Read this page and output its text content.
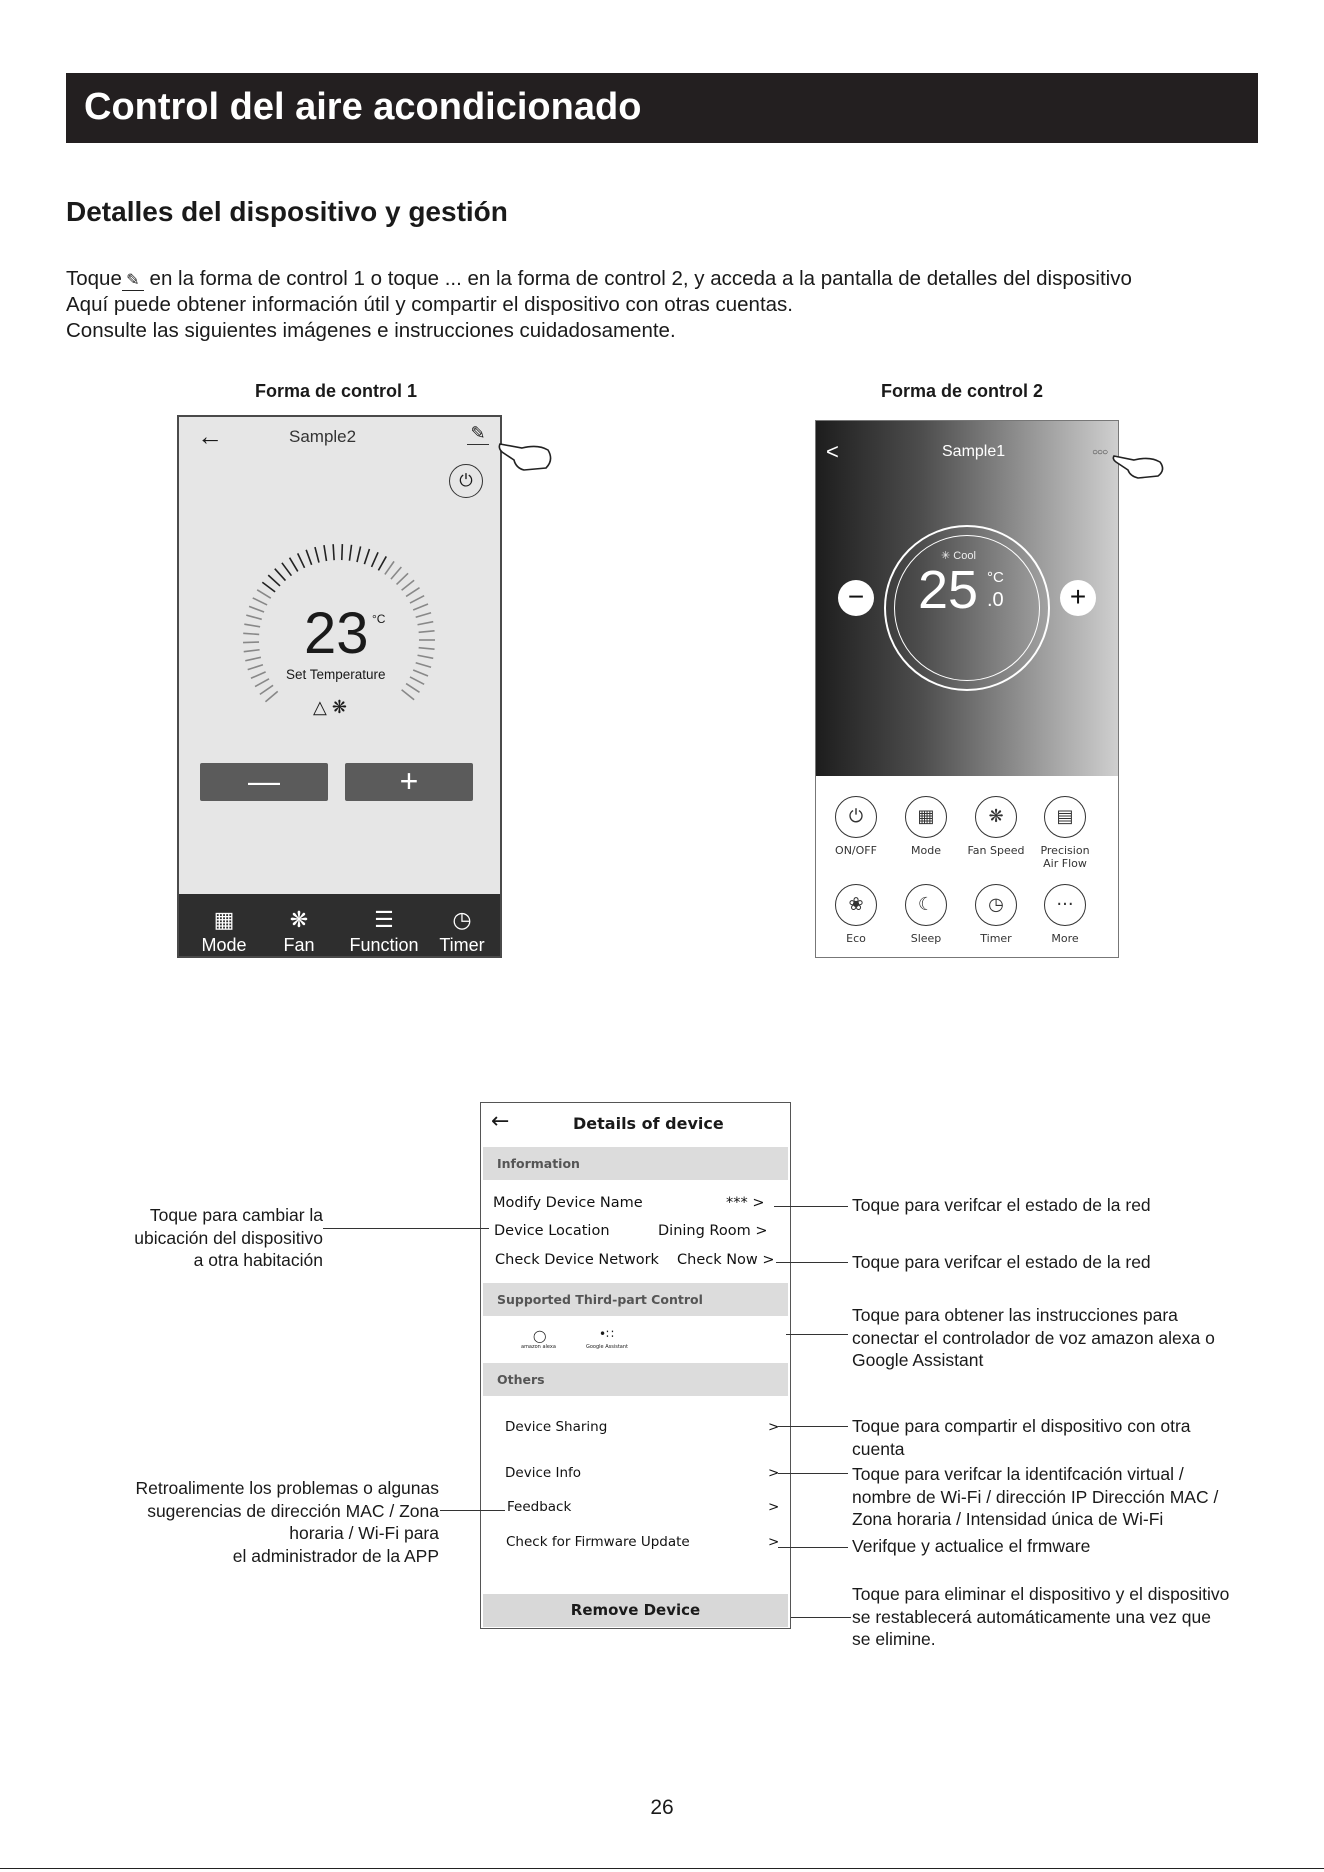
Control del aire acondicionado
Detalles del dispositivo y gestión
Toque ✎ en la forma de control 1 o toque ... en la forma de control 2, y acceda a la pantalla de detalles del dispositivo
Aquí puede obtener información útil y compartir el dispositivo con otras cuentas.
Consulte las siguientes imágenes e instrucciones cuidadosamente.
Forma de control 1	Forma de control 2
←	Sample2	✎
⏻
23 °C
Set Temperature
△ ❋
—	+
▦
Mode
❋
Fan
☰
Function
◷
Timer
<	Sample1	○○○
✳ Cool
25 °C
.0
−	+
⏻
ON/OFF
▦
Mode
❋
Fan Speed
▤
Precision
Air Flow
❀
Eco
☾
Sleep
◷
Timer
···
More
←	Details of device
Information
Modify Device Name	*** >
Device Location	Dining Room >
Check Device Network Check Now >
Supported Third-part Control
◯
amazon alexa
•∷
Google Assistant
Others
Device Sharing	>
Device Info	>
Feedback	>
Check for Firmware Update	>
Remove Device
Toque para cambiar la
ubicación del dispositivo
a otra habitación
Retroalimente los problemas o algunas
sugerencias de dirección MAC / Zona
horaria / Wi-Fi para
el administrador de la APP
Toque para verifcar el estado de la red
Toque para verifcar el estado de la red
Toque para obtener las instrucciones para
conectar el controlador de voz amazon alexa o
Google Assistant
Toque para compartir el dispositivo con otra
cuenta
Toque para verifcar la identifcación virtual /
nombre de Wi-Fi / dirección IP Dirección MAC /
Zona horaria / Intensidad única de Wi-Fi
Verifque y actualice el frmware
Toque para eliminar el dispositivo y el dispositivo
se restablecerá automáticamente una vez que
se elimine.
26
